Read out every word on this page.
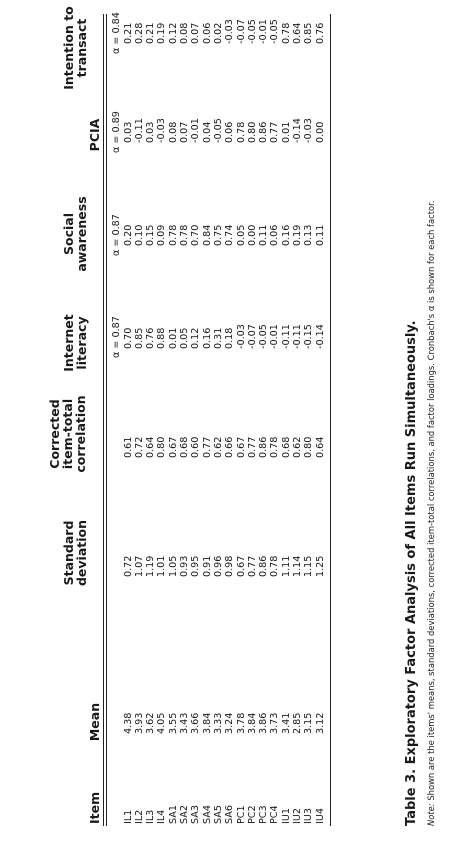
Item
Mean
Standard deviation
Corrected item-total correlation
Internet literacy
Social awareness
PCIA
Intention to transact
α = 0.87
α = 0.87
α = 0.89
α = 0.84
IL1
4.38
0.72
0.61
0.70
0.20
0.03
0.21
IL2
3.93
1.07
0.72
0.85
0.10
-0.11
0.28
IL3
3.62
1.19
0.64
0.76
0.15
0.03
0.21
IL4
4.05
1.01
0.80
0.88
0.09
-0.03
0.19
SA1
3.55
1.05
0.67
0.01
0.78
0.08
0.12
SA2
3.43
0.93
0.68
0.05
0.78
0.07
0.08
SA3
3.66
0.95
0.60
0.12
0.70
-0.01
0.07
SA4
3.84
0.91
0.77
0.16
0.84
0.04
0.06
SA5
3.33
0.96
0.62
0.31
0.75
-0.05
0.02
SA6
3.24
0.98
0.66
0.18
0.74
0.06
-0.03
PC1
3.78
0.67
0.67
-0.03
0.05
0.78
-0.07
PC2
3.84
0.77
0.77
-0.07
0.00
0.80
-0.05
PC3
3.86
0.86
0.86
-0.05
0.11
0.86
-0.01
PC4
3.73
0.78
0.78
-0.01
0.06
0.77
-0.05
IU1
3.41
1.11
0.68
-0.11
0.16
0.01
0.78
IU2
2.85
1.14
0.62
-0.11
0.19
-0.14
0.64
IU3
3.15
1.15
0.80
-0.15
0.13
-0.03
0.85
IU4
3.12
1.25
0.64
-0.14
0.11
0.00
0.76
Table 3. Exploratory Factor Analysis of All Items Run Simultaneously. Note: Shown are the items' means, standard deviations, corrected item-total correlations, and factor loadings. Cronbach's α is shown for each factor.
